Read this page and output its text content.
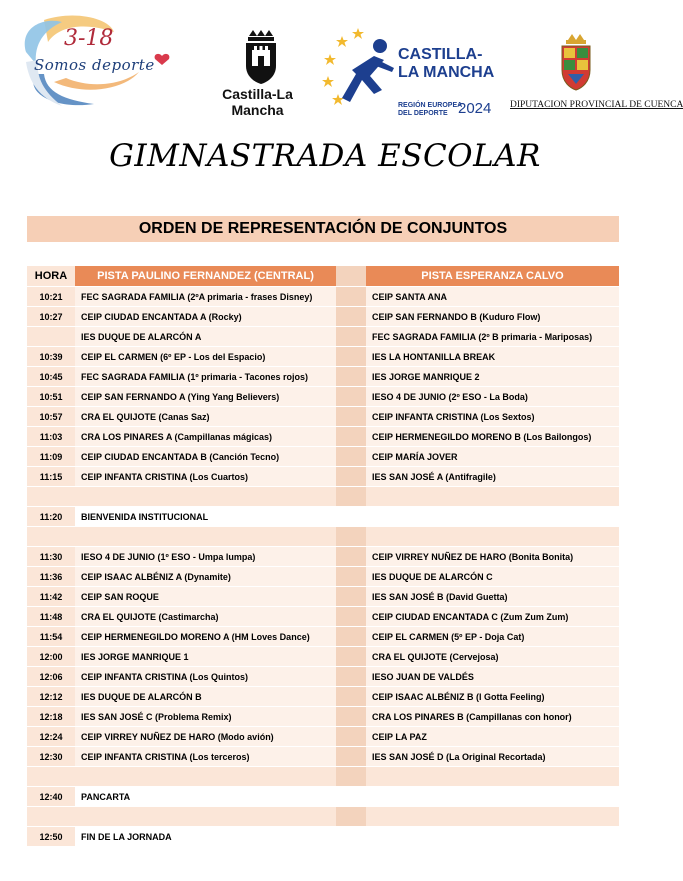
3-18
Somos deporte
Castilla-La Mancha
CASTILLA-
LA MANCHA
REGIÓN EUROPEA
DEL DEPORTE 2024 DIPUTACION PROVINCIAL DE CUENCA
GIMNASTRADA ESCOLAR
ORDEN DE REPRESENTACIÓN DE CONJUNTOS
HORA	PISTA PAULINO FERNANDEZ (CENTRAL)		PISTA ESPERANZA CALVO
10:21	FEC SAGRADA FAMILIA (2ºA primaria - frases Disney)		CEIP SANTA ANA
10:27	CEIP CIUDAD ENCANTADA A (Rocky)		CEIP SAN FERNANDO B (Kuduro Flow)
	IES DUQUE DE ALARCÓN A		FEC SAGRADA FAMILIA (2º B primaria - Mariposas)
10:39	CEIP EL CARMEN (6º EP - Los del Espacio)		IES LA HONTANILLA BREAK
10:45	FEC SAGRADA FAMILIA (1º primaria - Tacones rojos)		IES JORGE MANRIQUE 2
10:51	CEIP SAN FERNANDO A (Ying Yang Believers)		IESO 4 DE JUNIO (2º ESO - La Boda)
10:57	CRA EL QUIJOTE (Canas Saz)		CEIP INFANTA CRISTINA (Los Sextos)
11:03	CRA LOS PINARES A (Campillanas mágicas)		CEIP HERMENEGILDO MORENO B (Los Bailongos)
11:09	CEIP CIUDAD ENCANTADA B (Canción Tecno)		CEIP MARÍA JOVER
11:15	CEIP INFANTA CRISTINA (Los Cuartos)		IES SAN JOSÉ A (Antifragile)

11:20	BIENVENIDA INSTITUCIONAL		

11:30	IESO 4 DE JUNIO (1º ESO - Umpa lumpa)		CEIP VIRREY NUÑEZ DE HARO (Bonita Bonita)
11:36	CEIP ISAAC ALBÉNIZ A (Dynamite)		IES DUQUE DE ALARCÓN C
11:42	CEIP SAN ROQUE		IES SAN JOSÉ B (David Guetta)
11:48	CRA EL QUIJOTE (Castimarcha)		CEIP CIUDAD ENCANTADA C (Zum Zum Zum)
11:54	CEIP HERMENEGILDO MORENO A (HM Loves Dance)		CEIP EL CARMEN (5º EP - Doja Cat)
12:00	IES JORGE MANRIQUE 1		CRA EL QUIJOTE (Cervejosa)
12:06	CEIP INFANTA CRISTINA (Los Quintos)		IESO JUAN DE VALDÉS
12:12	IES DUQUE DE ALARCÓN B		CEIP ISAAC ALBÉNIZ B (I Gotta Feeling)
12:18	IES SAN JOSÉ C (Problema Remix)		CRA LOS PINARES B (Campillanas con honor)
12:24	CEIP VIRREY NUÑEZ DE HARO (Modo avión)		CEIP LA PAZ
12:30	CEIP INFANTA CRISTINA (Los terceros)		IES SAN JOSÉ D (La Original Recortada)

12:40	PANCARTA		

12:50	FIN DE LA JORNADA		
